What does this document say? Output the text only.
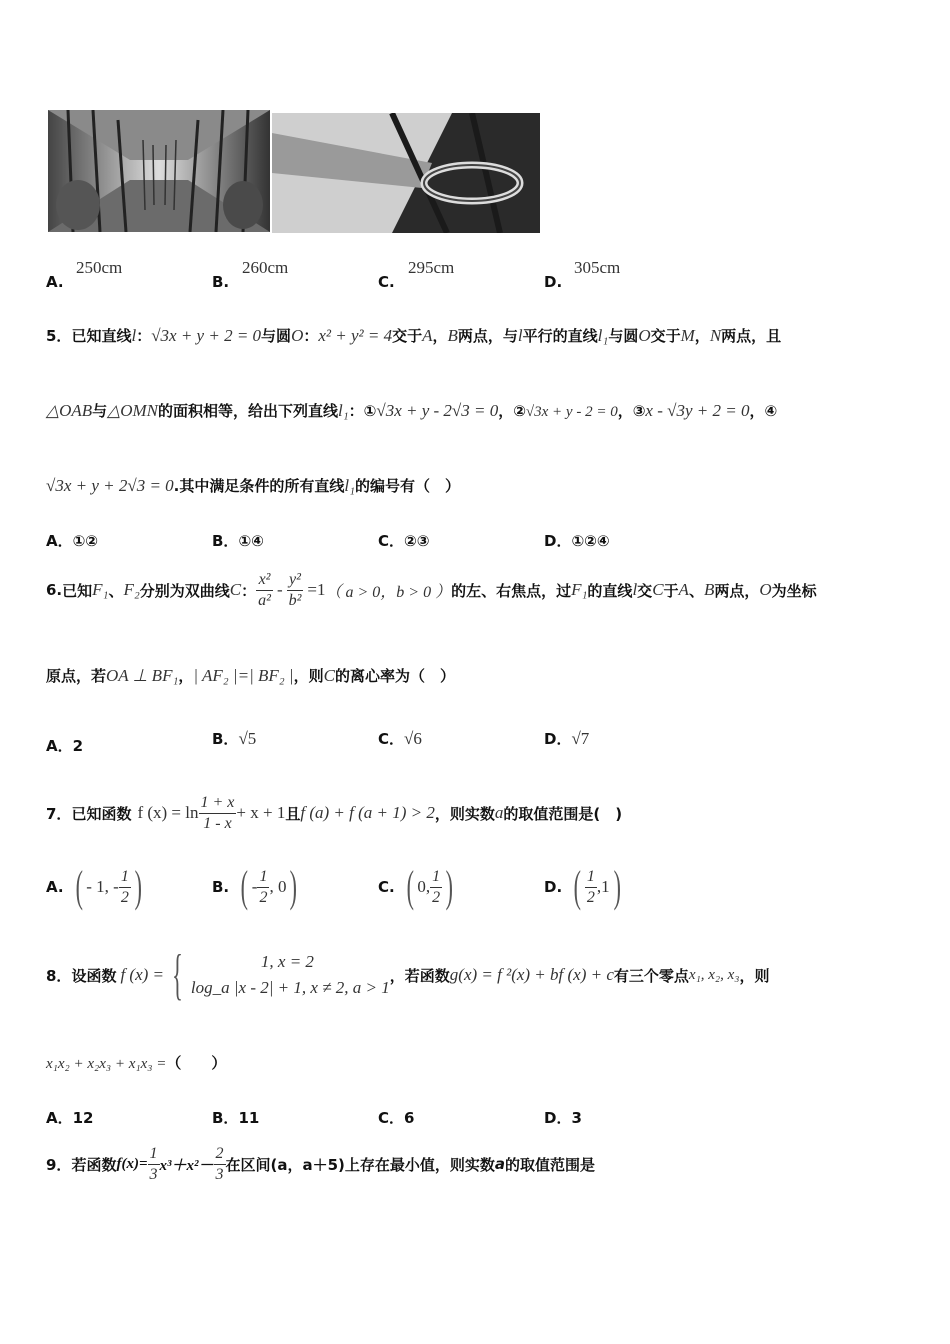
A.
250cm
B.
260cm
C.
295cm
D.
305cm
5．已知直线l：√3x + y + 2 = 0与圆O：x² + y² = 4交于A，B两点，与l平行的直线l₁与圆O交于M，N两点，且
△OAB与△OMN的面积相等，给出下列直线l₁：①√3x + y - 2√3 = 0，②√3x + y - 2 = 0，③x - √3y + 2 = 0，④
√3x + y + 2√3 = 0.其中满足条件的所有直线l₁的编号有（　）
A．①②	B．①④	C．②③	D．①②④
6. 已知 F₁ 、 F₂ 分别为双曲线 C ： $\frac{\text{x²}}{\text{a²}} - \frac{\text{y²}}{\text{b²}} =1$ （ a > 0，b > 0 ） 的左、右焦点，过 F₁ 的直线 l 交 C 于 A 、 B 两点， O 为坐标
原点，若OA ⊥ BF₁，| AF₂ |=| BF₂ |，则C的离心率为（　）
A．2	B．√5	C．√6	D．√7
7． 已知函数 f $(x) = \ln \frac{1 + x}{1 - x} + x + 1$ 且 f (a) + f (a + 1) > 2 ，则实数 a 的取值范围是(　)
A. ( - 1, - $\frac{1}{2}$ )	B. ( - $\frac{1}{2}$ , 0 )	C. ( 0, $\frac{1}{2}$ )	D. ( $\frac{1}{2} ,1$ )
8． 设函数 f (x) = {	1, x = 2
log_a |x - 2| + 1, x ≠ 2, a > 1
，若函数 g(x) = f ²(x) + bf (x) + c 有三个零点 x₁, x₂, x₃ ，则
x₁x₂ + x₂x₃ + x₁x₃ =（　　）
A．12	B．11	C．6	D．3
9． 若函数 $f(x)= \frac{1}{3} x^3+x^2- \frac{2}{3}$ 在区间(a，a＋5)上存在最小值，则实数 a 的取值范围是
